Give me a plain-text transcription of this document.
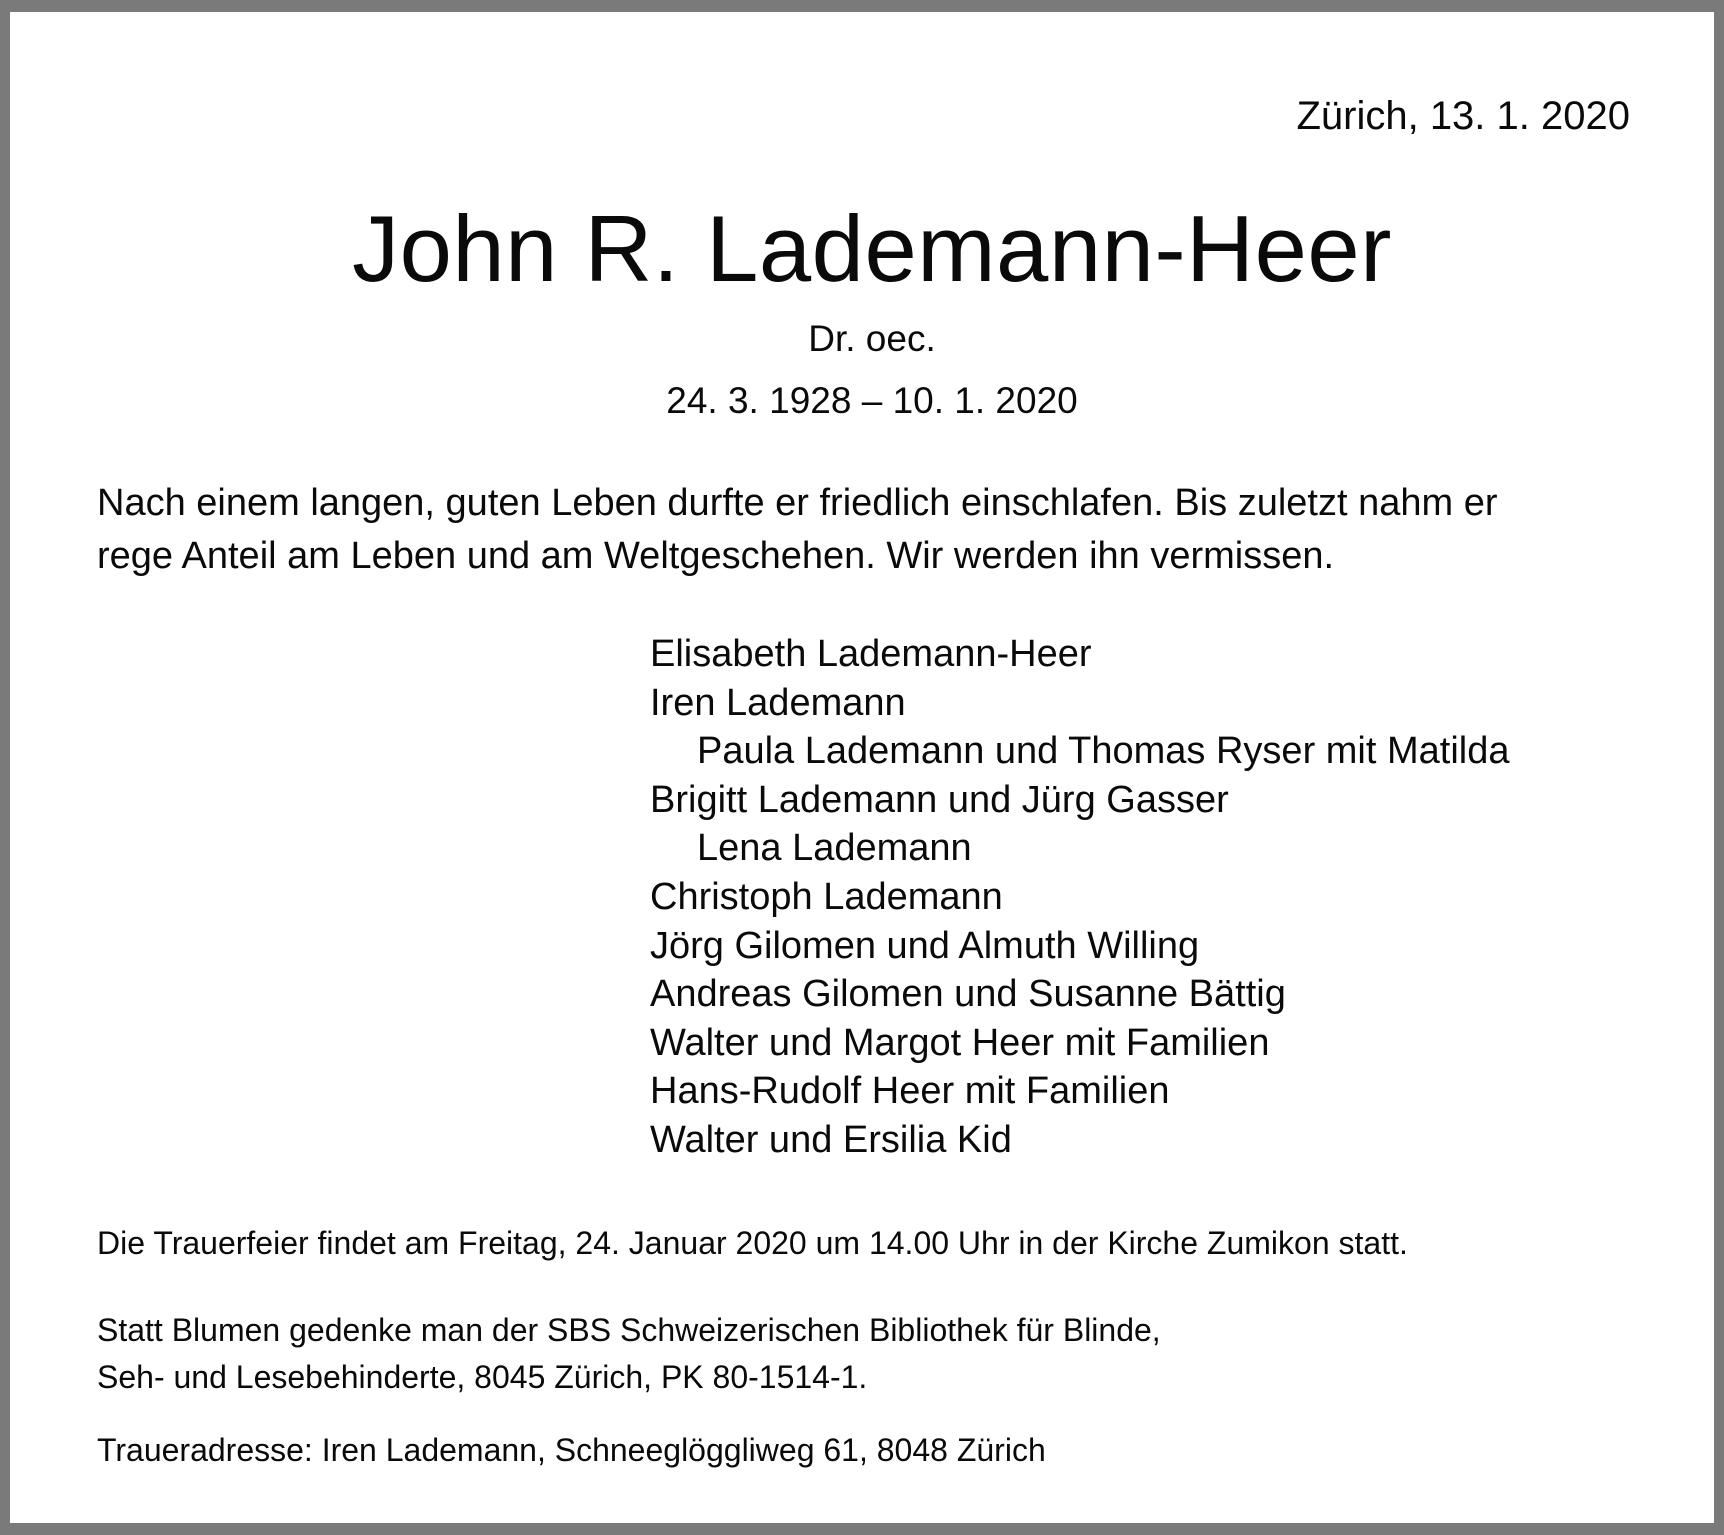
Zürich, 13. 1. 2020

John R. Lademann-Heer

Dr. oec.

24. 3. 1928 – 10. 1. 2020

Nach einem langen, guten Leben durfte er friedlich einschlafen. Bis zuletzt nahm er
rege Anteil am Leben und am Weltgeschehen. Wir werden ihn vermissen.

Elisabeth Lademann-Heer
Iren Lademann
Paula Lademann und Thomas Ryser mit Matilda
Brigitt Lademann und Jürg Gasser
Lena Lademann
Christoph Lademann
Jörg Gilomen und Almuth Willing
Andreas Gilomen und Susanne Bättig
Walter und Margot Heer mit Familien
Hans-Rudolf Heer mit Familien
Walter und Ersilia Kid

Die Trauerfeier findet am Freitag, 24. Januar 2020 um 14.00 Uhr in der Kirche Zumikon statt.

Statt Blumen gedenke man der SBS Schweizerischen Bibliothek für Blinde,
Seh- und Lesebehinderte, 8045 Zürich, PK 80-1514-1.

Traueradresse: Iren Lademann, Schneeglöggliweg 61, 8048 Zürich
